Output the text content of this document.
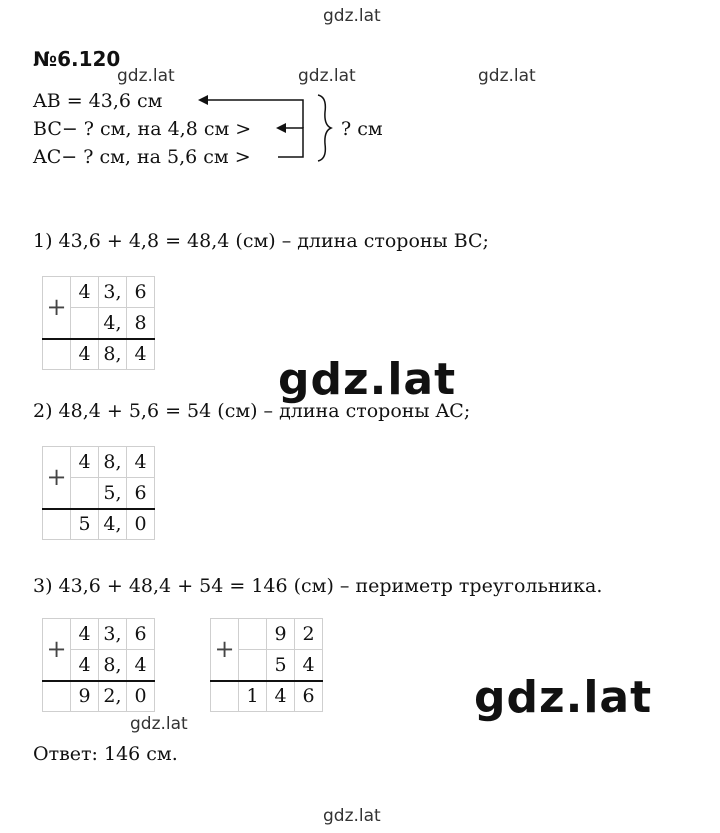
gdz.lat
gdz.lat	gdz.lat	gdz.lat
№6.120
AB = 43,6 см
BC− ? см, на 4,8 см >
AC− ? см, на 5,6 см >
? см
1) 43,6 + 4,8 = 48,4 (см) – длина стороны BC;
+	4	3,	6
		4,	8
	4	8,	4	gdz.lat
2) 48,4 + 5,6 = 54 (см) – длина стороны AC;
+	4	8,	4
		5,	6
	5	4,	0
3) 43,6 + 48,4 + 54 = 146 (см) – периметр треугольника.
+	4	3,	6
	4	8,	4
	9	2,	0
+		9	2
		5	4
	1	4	6	gdz.lat
gdz.lat
Ответ: 146 см.
gdz.lat
